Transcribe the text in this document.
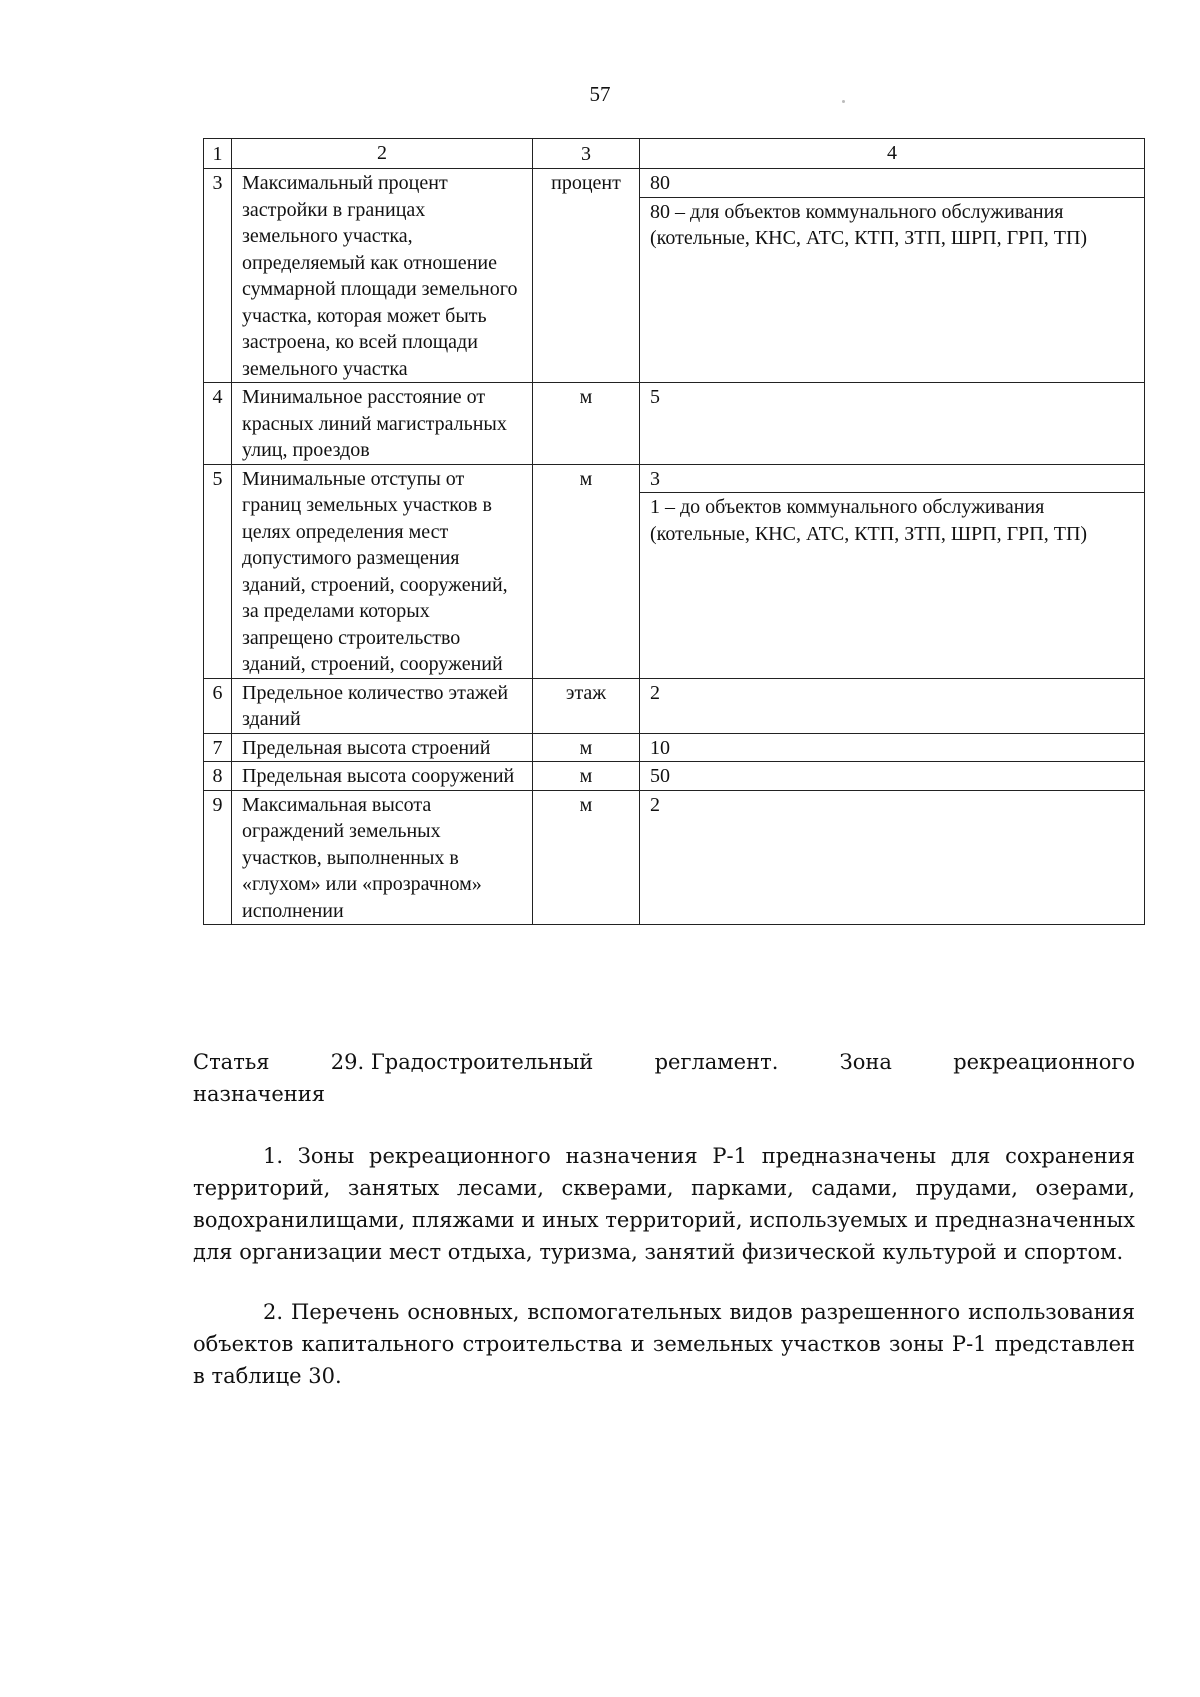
57
1	2	3	4
3	Максимальный процент застройки в границах земельного участка, определяемый как отношение суммарной площади земельного участка, которая может быть застроена, ко всей площади земельного участка	процент	80
80 – для объектов коммунального обслуживания (котельные, КНС, АТС, КТП, ЗТП, ШРП, ГРП, ТП)

4	Минимальное расстояние от красных линий магистральных улиц, проездов	м	5

5	Минимальные отступы от границ земельных участков в целях определения мест допустимого размещения зданий, строений, сооружений, за пределами которых запрещено строительство зданий, строений, сооружений	м	3
1 – до объектов коммунального обслуживания (котельные, КНС, АТС, КТП, ЗТП, ШРП, ГРП, ТП)

6	Предельное количество этажей зданий	этаж	2

7	Предельная высота строений	м	10

8	Предельная высота сооружений	м	50

9	Максимальная высота ограждений земельных участков, выполненных в «глухом» или «прозрачном» исполнении	м	2
Статья	29. Градостроительный	регламент.	Зона	рекреационного
назначения
1. Зоны рекреационного назначения Р-1 предназначены для сохранения территорий, занятых лесами, скверами, парками, садами, прудами, озерами, водохранилищами, пляжами и иных территорий, используемых и предназначенных для организации мест отдыха, туризма, занятий физической культурой и спортом.
2. Перечень основных, вспомогательных видов разрешенного использования объектов капитального строительства и земельных участков зоны Р-1 представлен в таблице 30.
